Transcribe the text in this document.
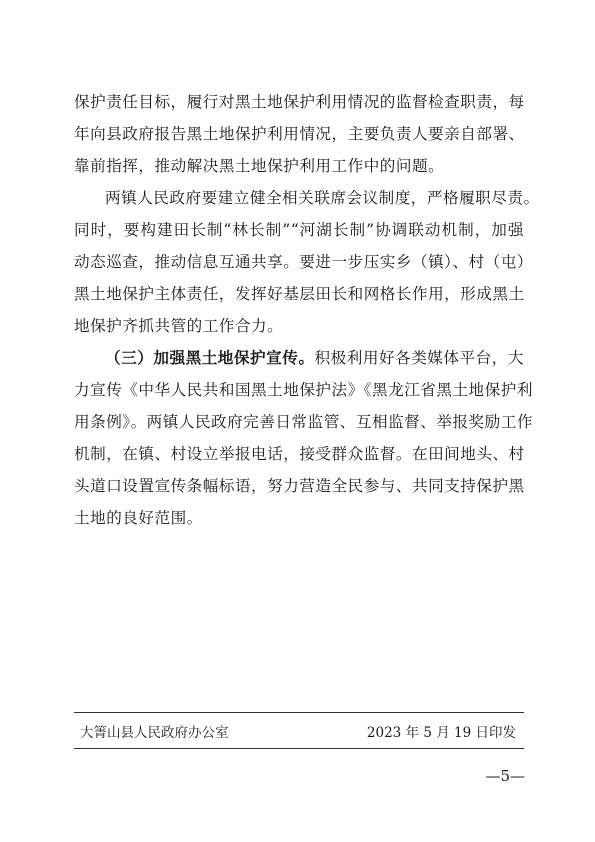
保护责任目标，履行对黑土地保护利用情况的监督检查职责，每
年向县政府报告黑土地保护利用情况，主要负责人要亲自部署、
靠前指挥，推动解决黑土地保护利用工作中的问题。

两镇人民政府要建立健全相关联席会议制度，严格履职尽责。
同时，要构建田长制“林长制”“河湖长制”协调联动机制，加强
动态巡查，推动信息互通共享。要进一步压实乡（镇）、村（屯）
黑土地保护主体责任，发挥好基层田长和网格长作用，形成黑土
地保护齐抓共管的工作合力。

（三）加强黑土地保护宣传。积极利用好各类媒体平台，大
力宣传《中华人民共和国黑土地保护法》《黑龙江省黑土地保护利
用条例》。两镇人民政府完善日常监管、互相监督、举报奖励工作
机制，在镇、村设立举报电话，接受群众监督。在田间地头、村
头道口设置宣传条幅标语，努力营造全民参与、共同支持保护黑
土地的良好范围。

大箐山县人民政府办公室	2023 年 5 月 19 日印发
—5—
